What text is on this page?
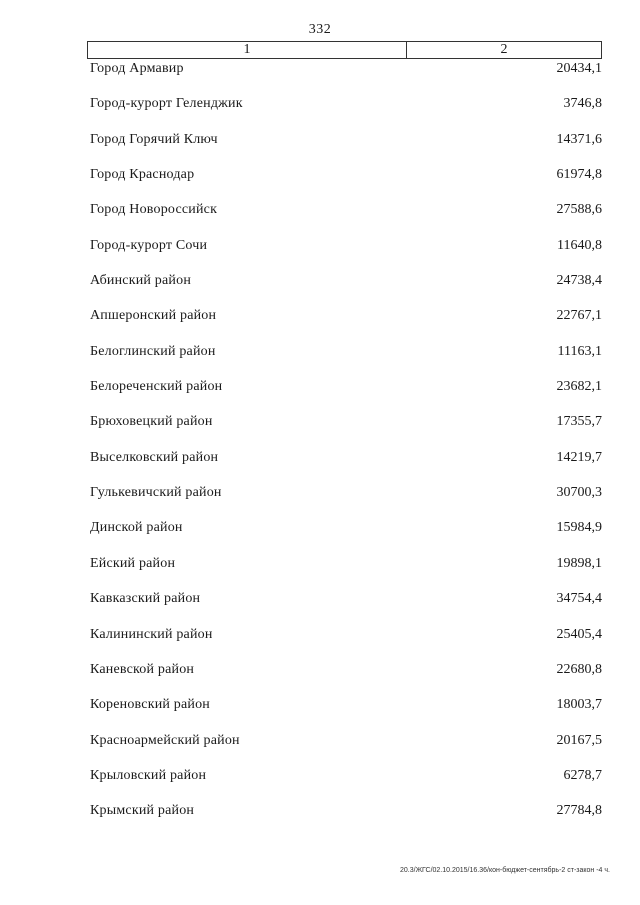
332
1	2
Город Армавир	20434,1
Город-курорт Геленджик	3746,8
Город Горячий Ключ	14371,6
Город Краснодар	61974,8
Город Новороссийск	27588,6
Город-курорт Сочи	11640,8
Абинский район	24738,4
Апшеронский район	22767,1
Белоглинский район	11163,1
Белореченский район	23682,1
Брюховецкий район	17355,7
Выселковский район	14219,7
Гулькевичский район	30700,3
Динской район	15984,9
Ейский район	19898,1
Кавказский район	34754,4
Калининский район	25405,4
Каневской район	22680,8
Кореновский район	18003,7
Красноармейский район	20167,5
Крыловский район	6278,7
Крымский район	27784,8
20.3/ЖГС/02.10.2015/16.36/кон-бюджет-сентябрь-2 ст-закон -4 ч.
